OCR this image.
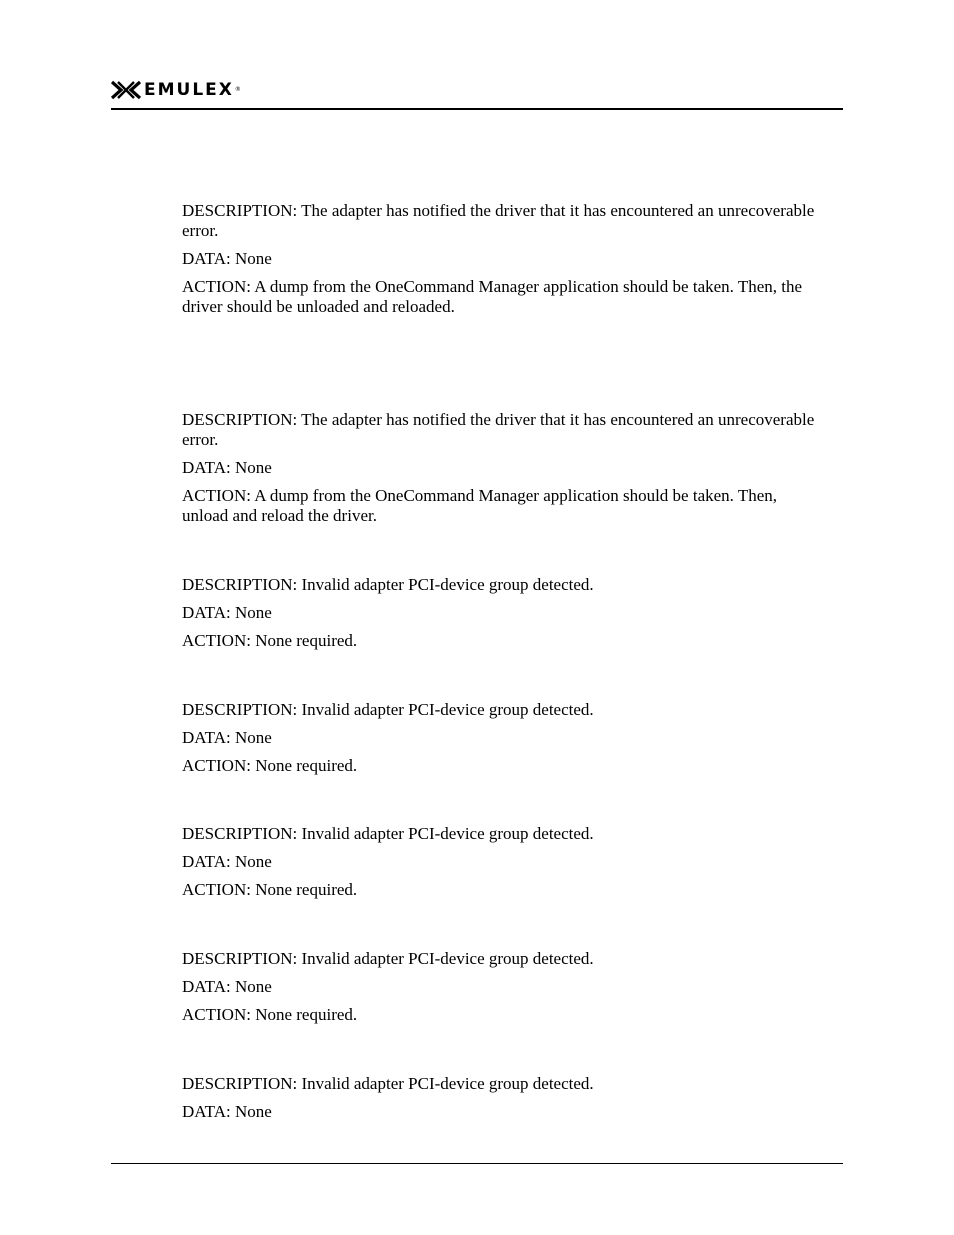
EMULEX ®

DESCRIPTION: The adapter has notified the driver that it has encountered an unrecoverable error.

DATA: None

ACTION: A dump from the OneCommand Manager application should be taken. Then, the driver should be unloaded and reloaded.

DESCRIPTION: The adapter has notified the driver that it has encountered an unrecoverable error.

DATA: None

ACTION: A dump from the OneCommand Manager application should be taken. Then, unload and reload the driver.

DESCRIPTION: Invalid adapter PCI-device group detected.

DATA: None

ACTION: None required.

DESCRIPTION: Invalid adapter PCI-device group detected.

DATA: None

ACTION: None required.

DESCRIPTION: Invalid adapter PCI-device group detected.

DATA: None

ACTION: None required.

DESCRIPTION: Invalid adapter PCI-device group detected.

DATA: None

ACTION: None required.

DESCRIPTION: Invalid adapter PCI-device group detected.

DATA: None
